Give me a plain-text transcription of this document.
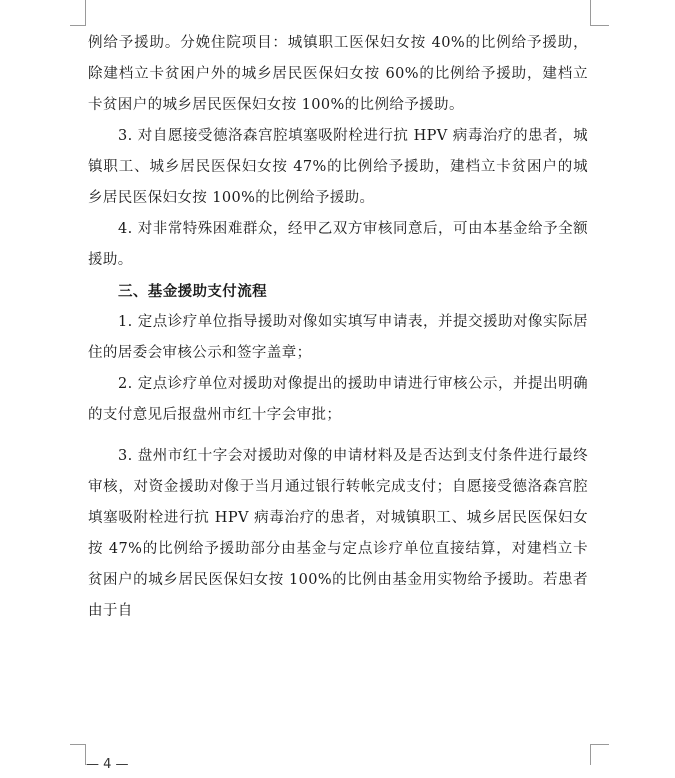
例给予援助。分娩住院项目：城镇职工医保妇女按 40%的比例给予援助，除建档立卡贫困户外的城乡居民医保妇女按 60%的比例给予援助，建档立卡贫困户的城乡居民医保妇女按 100%的比例给予援助。

3. 对自愿接受德洛森宫腔填塞吸附栓进行抗 HPV 病毒治疗的患者，城镇职工、城乡居民医保妇女按 47%的比例给予援助，建档立卡贫困户的城乡居民医保妇女按 100%的比例给予援助。

4. 对非常特殊困难群众，经甲乙双方审核同意后，可由本基金给予全额援助。

三、基金援助支付流程

1. 定点诊疗单位指导援助对像如实填写申请表，并提交援助对像实际居住的居委会审核公示和签字盖章；

2. 定点诊疗单位对援助对像提出的援助申请进行审核公示，并提出明确的支付意见后报盘州市红十字会审批；

3. 盘州市红十字会对援助对像的申请材料及是否达到支付条件进行最终审核，对资金援助对像于当月通过银行转帐完成支付；自愿接受德洛森宫腔填塞吸附栓进行抗 HPV 病毒治疗的患者，对城镇职工、城乡居民医保妇女按 47%的比例给予援助部分由基金与定点诊疗单位直接结算，对建档立卡贫困户的城乡居民医保妇女按 100%的比例由基金用实物给予援助。若患者由于自

— 4 —
